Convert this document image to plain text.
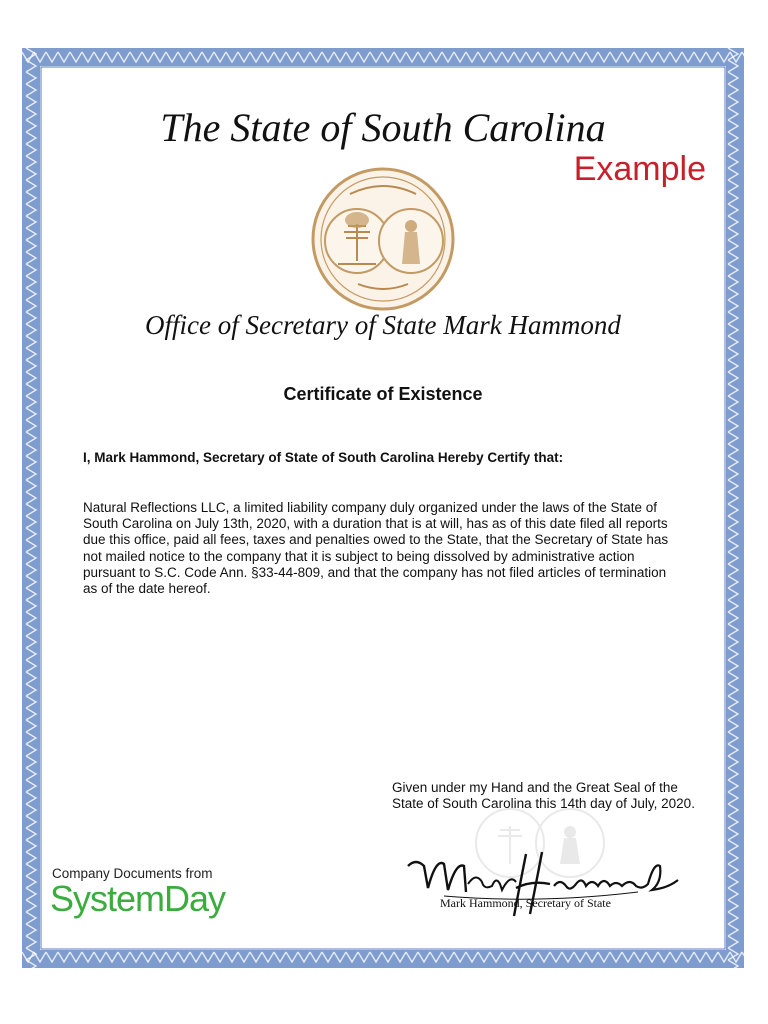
The State of South Carolina
Example
Office of Secretary of State Mark Hammond
Certificate of Existence
I, Mark Hammond, Secretary of State of South Carolina Hereby Certify that:
Natural Reflections LLC, a limited liability company duly organized under the laws of the State of South Carolina on July 13th, 2020, with a duration that is at will, has as of this date filed all reports due this office, paid all fees, taxes and penalties owed to the State, that the Secretary of State has not mailed notice to the company that it is subject to being dissolved by administrative action pursuant to S.C. Code Ann. §33-44-809, and that the company has not filed articles of termination as of the date hereof.
Given under my Hand and the Great Seal of the State of South Carolina this 14th day of July, 2020.
Mark Hammond, Secretary of State
Company Documents from
SystemDay
